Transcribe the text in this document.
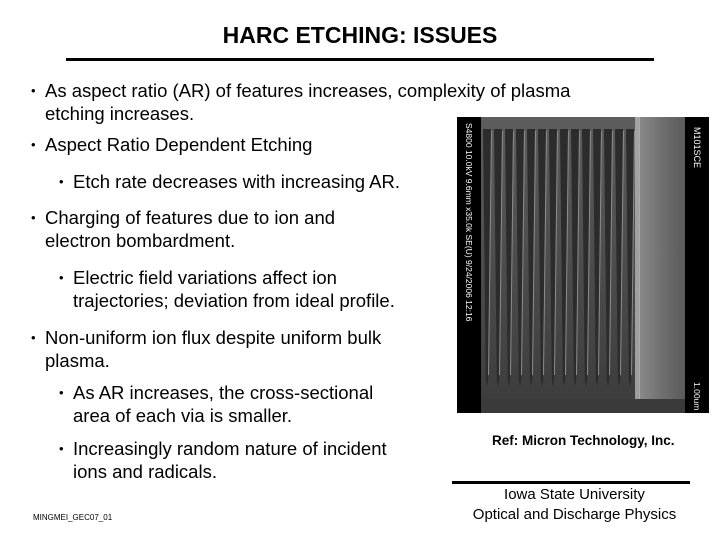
HARC ETCHING: ISSUES
• As aspect ratio (AR) of features increases, complexity of plasma
etching increases.
• Aspect Ratio Dependent Etching
• Etch rate decreases with increasing AR.
• Charging of features due to ion and
electron bombardment.
• Electric field variations affect ion
trajectories; deviation from ideal profile.
• Non-uniform ion flux despite uniform bulk
plasma.
• As AR increases, the cross-sectional
area of each via is smaller.
• Increasingly random nature of incident
ions and radicals.
S4800 10.0kV 9.6mm x35.0k SE(U) 9/24/2006 12:16	M101SCE
1.00um
Ref: Micron Technology, Inc.
Iowa State University
Optical and Discharge Physics
MINGMEI_GEC07_01
